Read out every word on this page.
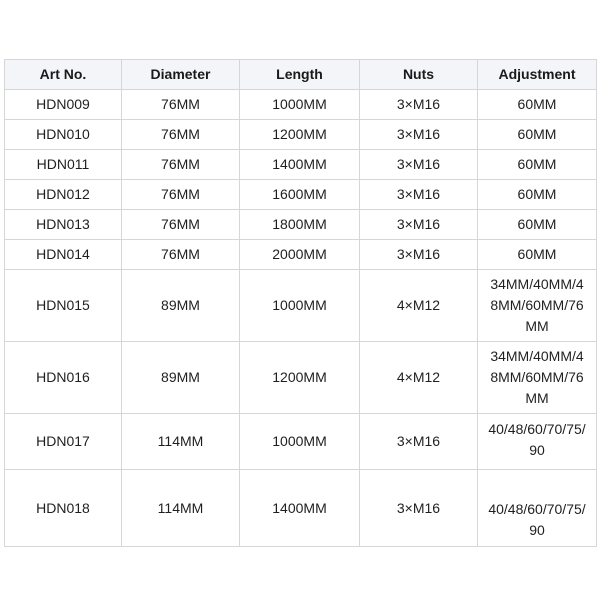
Art No.	Diameter	Length	Nuts	Adjustment
HDN009	76MM	1000MM	3×M16	60MM
HDN010	76MM	1200MM	3×M16	60MM
HDN011	76MM	1400MM	3×M16	60MM
HDN012	76MM	1600MM	3×M16	60MM
HDN013	76MM	1800MM	3×M16	60MM
HDN014	76MM	2000MM	3×M16	60MM
HDN015	89MM	1000MM	4×M12	34MM/40MM/48MM/60MM/76MM
HDN016	89MM	1200MM	4×M12	34MM/40MM/48MM/60MM/76MM
HDN017	114MM	1000MM	3×M16	40/48/60/70/75/90
HDN018	114MM	1400MM	3×M16	40/48/60/70/75/90
